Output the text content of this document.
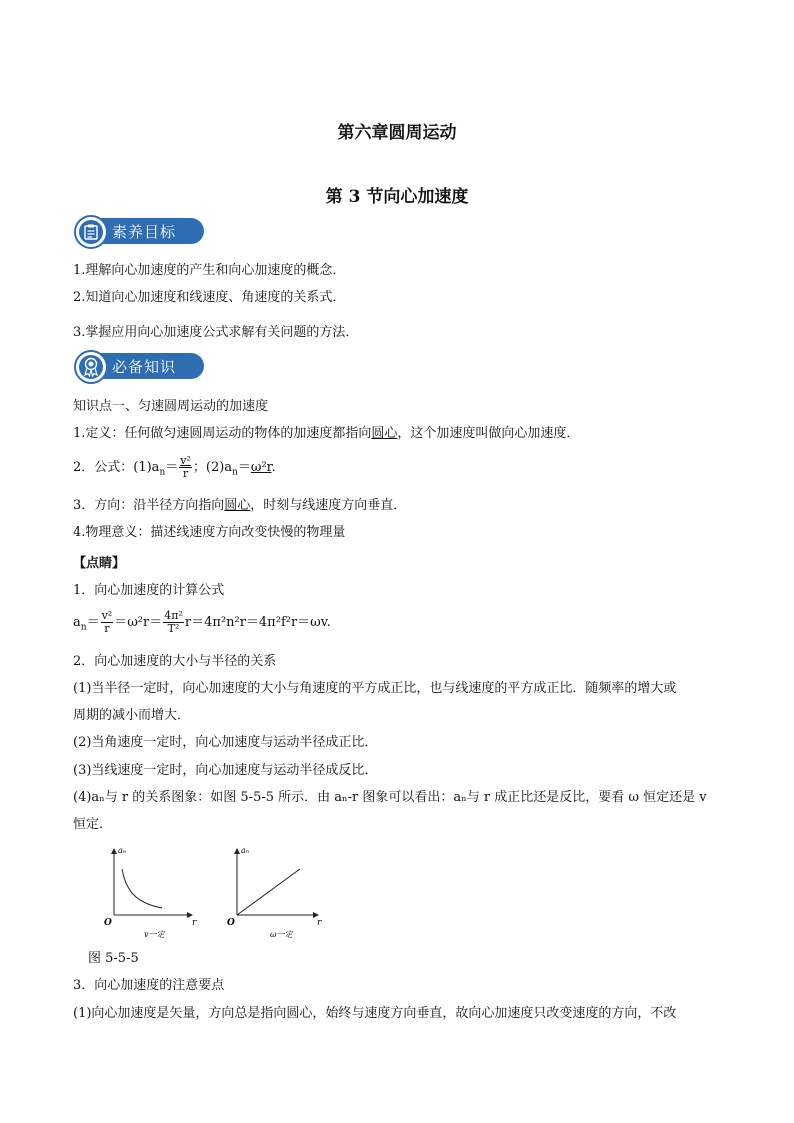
第六章圆周运动
第 3 节向心加速度
素养目标
1.理解向心加速度的产生和向心加速度的概念．
2.知道向心加速度和线速度、角速度的关系式．
3.掌握应用向心加速度公式求解有关问题的方法．
必备知识
知识点一、匀速圆周运动的加速度
1.定义：任何做匀速圆周运动的物体的加速度都指向圆心，这个加速度叫做向心加速度．
2．公式：$(1)a_n= \frac{\text{v²}}{r}$ ；$(2)a_n=\omega^2r$.
3．方向：沿半径方向指向圆心，时刻与线速度方向垂直．
4.物理意义：描述线速度方向改变快慢的物理量
【点睛】
1．向心加速度的计算公式
$a_n= \frac{\text{v²}}{r} =\omega^2r= \frac{\text{4π²}}{\text{T²}} r=4\pi^2n^2r=4\pi^2f^2r=\omega v$.
2．向心加速度的大小与半径的关系
(1)当半径一定时，向心加速度的大小与角速度的平方成正比，也与线速度的平方成正比．随频率的增大或
周期的减小而增大．
(2)当角速度一定时，向心加速度与运动半径成正比．
(3)当线速度一定时，向心加速度与运动半径成反比．
(4)aₙ与 r 的关系图象：如图 5-5-5 所示．由 aₙ-r 图象可以看出：aₙ与 r 成正比还是反比，要看 ω 恒定还是 v
恒定．
aₙ
r
O
v一定
aₙ
r
O
ω一定
图 5-5-5
3．向心加速度的注意要点
(1)向心加速度是矢量，方向总是指向圆心，始终与速度方向垂直，故向心加速度只改变速度的方向，不改
